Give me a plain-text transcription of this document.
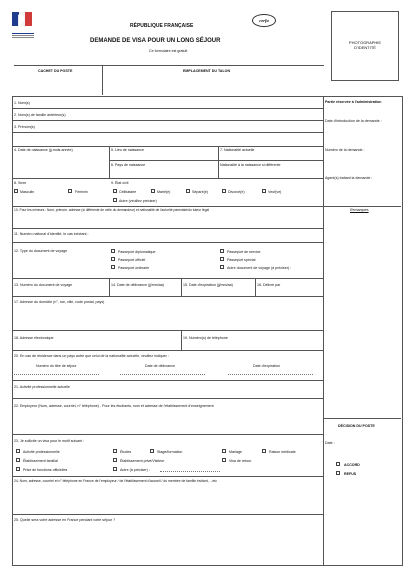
cerfa
RÉPUBLIQUE FRANÇAISE
DEMANDE DE VISA POUR UN LONG SÉJOUR
Ce formulaire est gratuit
PHOTOGRAPHIE
D'IDENTITÉ
CACHET DU POSTE	EMPLACEMENT DU TALON
1. Nom(s)
2. Nom(s) de famille antérieur(s)
3. Prénom(s)
4. Date de naissance (jj-mois-année)	5. Lieu de naissance	7. Nationalité actuelle
6. Pays de naissance	Nationalité à la naissance si différente
8. Sexe
Masculin	Féminin
9. État civil
Célibataire	Marié(e)	Séparé(e)	Divorcé(e)	Veuf(ve)
Autre (veuillez préciser)
10. Pour les mineurs : Nom, prénom, adresse (si différente de celle du demandeur) et nationalité de l'autorité parentale/du tuteur légal
11. Numéro national d'identité, le cas échéant :
12. Type du document de voyage	Passeport diplomatique
Passeport officiel
Passeport ordinaire
Passeport de service
Passeport spécial
Autre document de voyage (à préciser) :
13. Numéro du document de voyage	14. Date de délivrance (jj/mm/aa)	15. Date d'expiration (jj/mm/aa)	16. Délivré par
17. Adresse du domicile (n°, rue, ville, code postal, pays)
18. Adresse électronique	19. Numéro(s) de téléphone
20. En cas de résidence dans un pays autre que celui de la nationalité actuelle, veuillez indiquer :
Numéro du titre de séjour	Date de délivrance	Date d'expiration
21. Activité professionnelle actuelle
22. Employeur (Nom, adresse, courriel, n° téléphone) - Pour les étudiants, nom et adresse de l'établissement d'enseignement
23. Je sollicite un visa pour le motif suivant :
Activité professionnelle
Établissement familial
Prise de fonctions officielles
Études	Stage/formation
Établissement privé/Visiteur
Autre (à préciser) :
Mariage	Raison médicale
Visa de retour
24. Nom, adresse, courriel et n° téléphone en France de l'employeur / de l'établissement d'accueil / du membre de famille invitant, ...etc
25. Quelle sera votre adresse en France pendant votre séjour ?
Partie réservée à l'administration
Date d'introduction de la demande :
Numéro de la demande :
Agent(s) traitant la demande :
Remarques
DÉCISION DU POSTE
Date :
ACCORD
REFUS
